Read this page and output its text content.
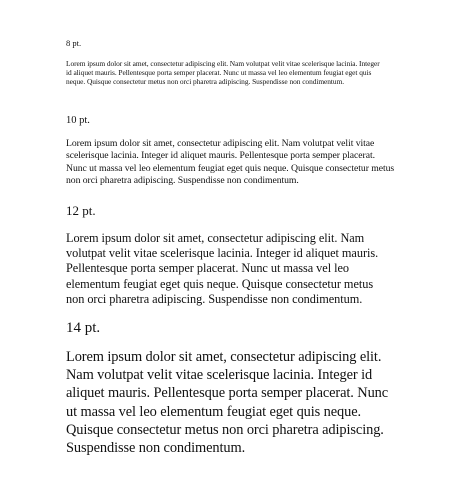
8 pt.

Lorem ipsum dolor sit amet, consectetur adipiscing elit. Nam volutpat velit vitae scelerisque lacinia. Integer id aliquet mauris. Pellentesque porta semper placerat. Nunc ut massa vel leo elementum feugiat eget quis neque. Quisque consectetur metus non orci pharetra adipiscing. Suspendisse non condimentum.

10 pt.

Lorem ipsum dolor sit amet, consectetur adipiscing elit. Nam volutpat velit vitae scelerisque lacinia. Integer id aliquet mauris. Pellentesque porta semper placerat. Nunc ut massa vel leo elementum feugiat eget quis neque. Quisque consectetur metus non orci pharetra adipiscing. Suspendisse non condimentum.

12 pt.

Lorem ipsum dolor sit amet, consectetur adipiscing elit. Nam volutpat velit vitae scelerisque lacinia. Integer id aliquet mauris. Pellentesque porta semper placerat. Nunc ut massa vel leo elementum feugiat eget quis neque. Quisque consectetur metus non orci pharetra adipiscing. Suspendisse non condimentum.

14 pt.

Lorem ipsum dolor sit amet, consectetur adipiscing elit. Nam volutpat velit vitae scelerisque lacinia. Integer id aliquet mauris. Pellentesque porta semper placerat. Nunc ut massa vel leo elementum feugiat eget quis neque. Quisque consectetur metus non orci pharetra adipiscing. Suspendisse non condimentum.
